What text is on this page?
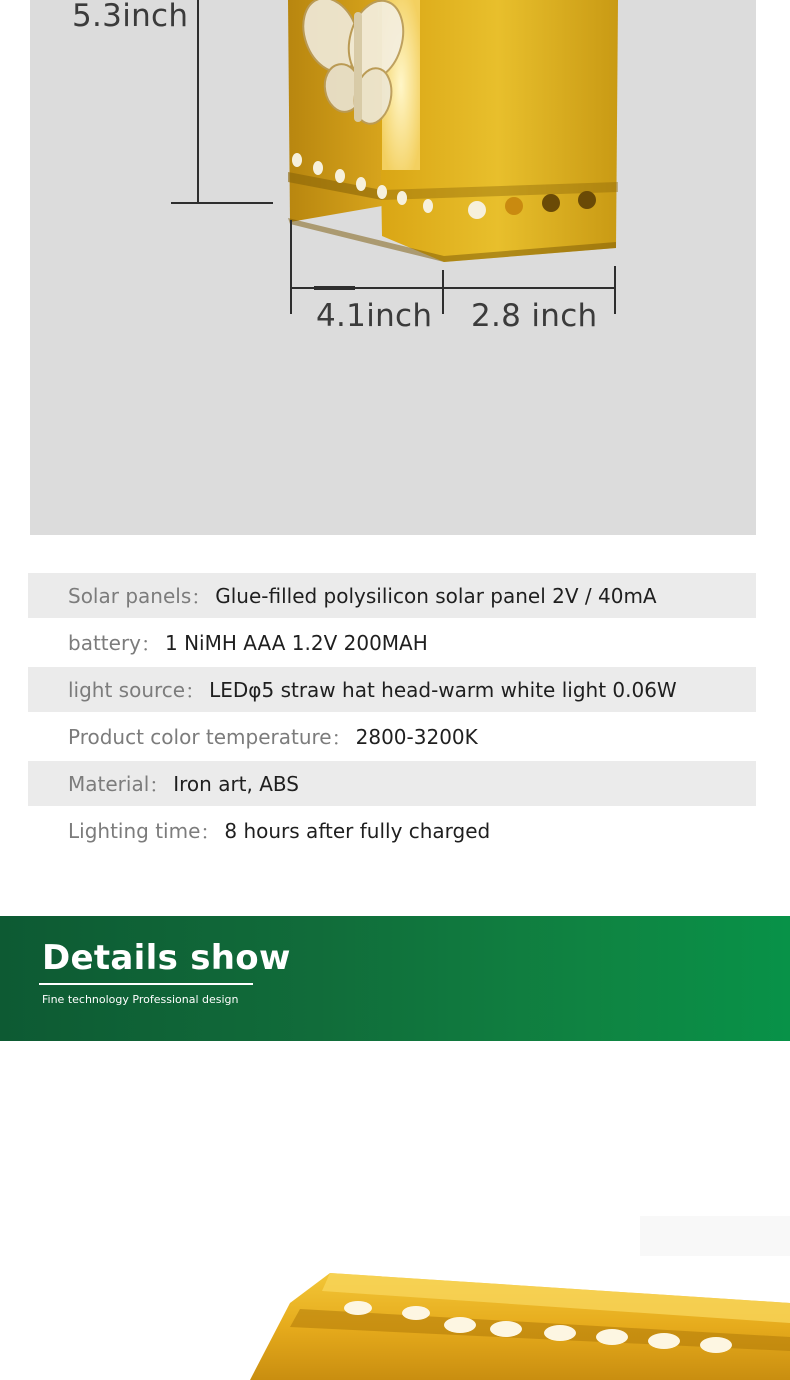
5.3inch
4.1inch 2.8 inch
Solar panels ： Glue-filled polysilicon solar panel 2V / 40mA
battery ： 1 NiMH AAA 1.2V 200MAH
light source ： LEDφ5 straw hat head-warm white light 0.06W
Product color temperature ： 2800-3200K
Material ： Iron art, ABS
Lighting time ： 8 hours after fully charged
Details show
Fine technology Professional design
